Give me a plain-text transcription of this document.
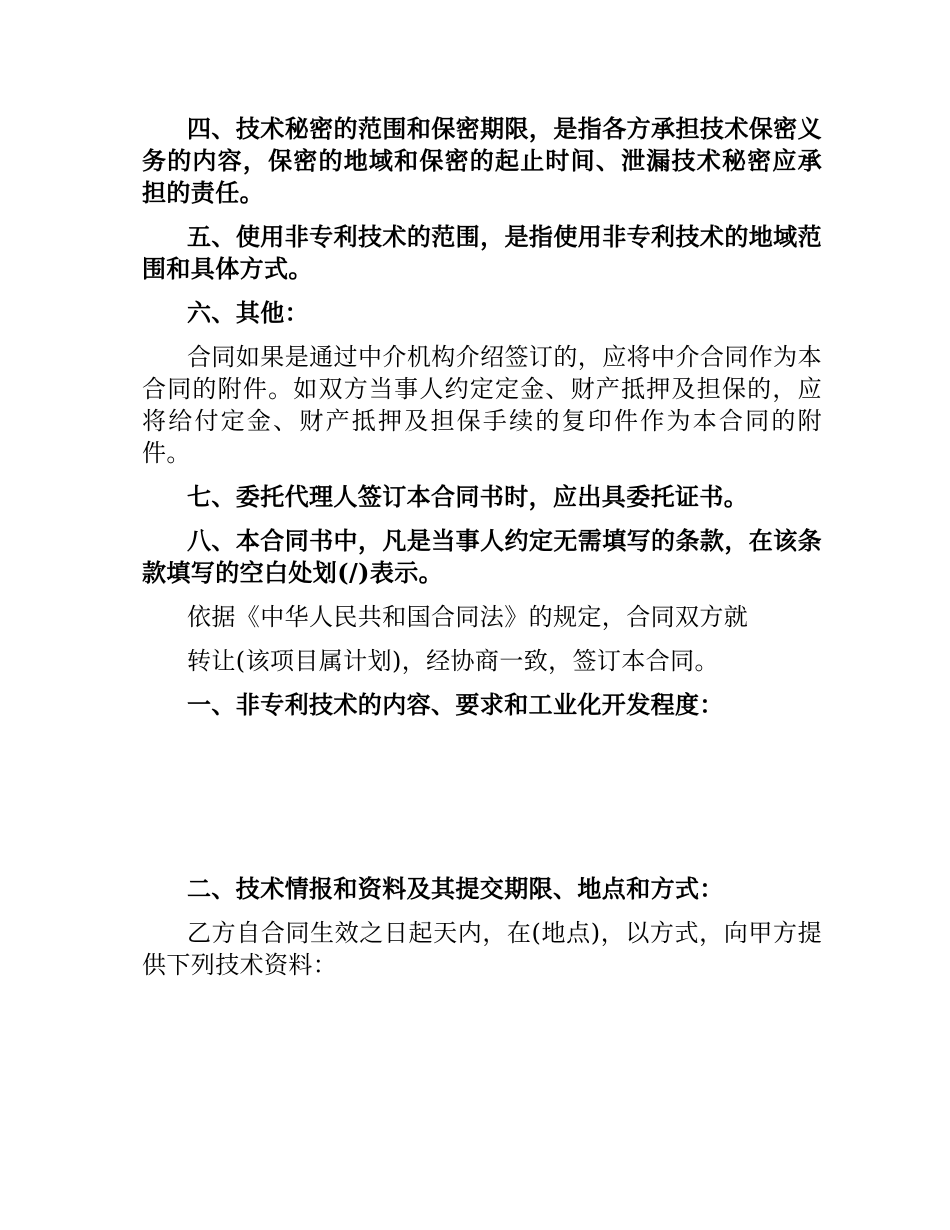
四、技术秘密的范围和保密期限，是指各方承担技术保密义务的内容，保密的地域和保密的起止时间、泄漏技术秘密应承担的责任。

五、使用非专利技术的范围，是指使用非专利技术的地域范围和具体方式。

六、其他：

合同如果是通过中介机构介绍签订的，应将中介合同作为本合同的附件。如双方当事人约定定金、财产抵押及担保的，应将给付定金、财产抵押及担保手续的复印件作为本合同的附件。

七、委托代理人签订本合同书时，应出具委托证书。

八、本合同书中，凡是当事人约定无需填写的条款，在该条款填写的空白处划(/)表示。

依据《中华人民共和国合同法》的规定，合同双方就

转让(该项目属计划)，经协商一致，签订本合同。

一、非专利技术的内容、要求和工业化开发程度：

二、技术情报和资料及其提交期限、地点和方式：

乙方自合同生效之日起天内，在(地点)，以方式，向甲方提供下列技术资料：
